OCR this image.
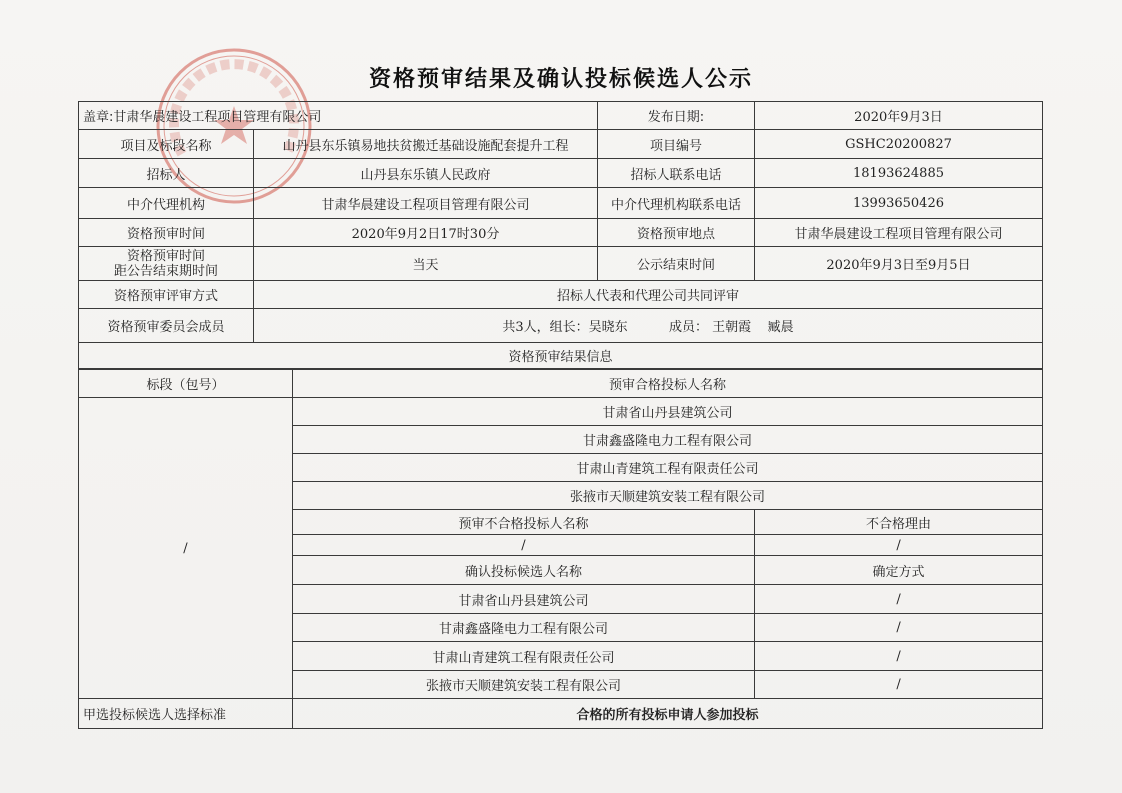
资格预审结果及确认投标候选人公示
盖章:甘肃华晨建设工程项目管理有限公司		发布日期:	2020年9月3日
项目及标段名称	山丹县东乐镇易地扶贫搬迁基础设施配套提升工程	项目编号	GSHC20200827
招标人	山丹县东乐镇人民政府	招标人联系电话	18193624885
中介代理机构	甘肃华晨建设工程项目管理有限公司	中介代理机构联系电话	13993650426
资格预审时间	2020年9月2日17时30分	资格预审地点	甘肃华晨建设工程项目管理有限公司

资格预审时间
距公告结束期时间	当天	公示结束时间	2020年9月3日至9月5日
资格预审评审方式	招标人代表和代理公司共同评审		
资格预审委员会成员	共3人，组长：吴晓东          成员： 王朝霞    臧晨		
资格预审结果信息			
标段（包号）	预审合格投标人名称	
/	甘肃省山丹县建筑公司	
	甘肃鑫盛隆电力工程有限公司	
	甘肃山青建筑工程有限责任公司	
	张掖市天顺建筑安装工程有限公司	
	预审不合格投标人名称	不合格理由
	/	/
	确认投标候选人名称	确定方式
	甘肃省山丹县建筑公司	/
	甘肃鑫盛隆电力工程有限公司	/
	甘肃山青建筑工程有限责任公司	/
	张掖市天顺建筑安装工程有限公司	/
甲选投标候选人选择标准	合格的所有投标申请人参加投标	
